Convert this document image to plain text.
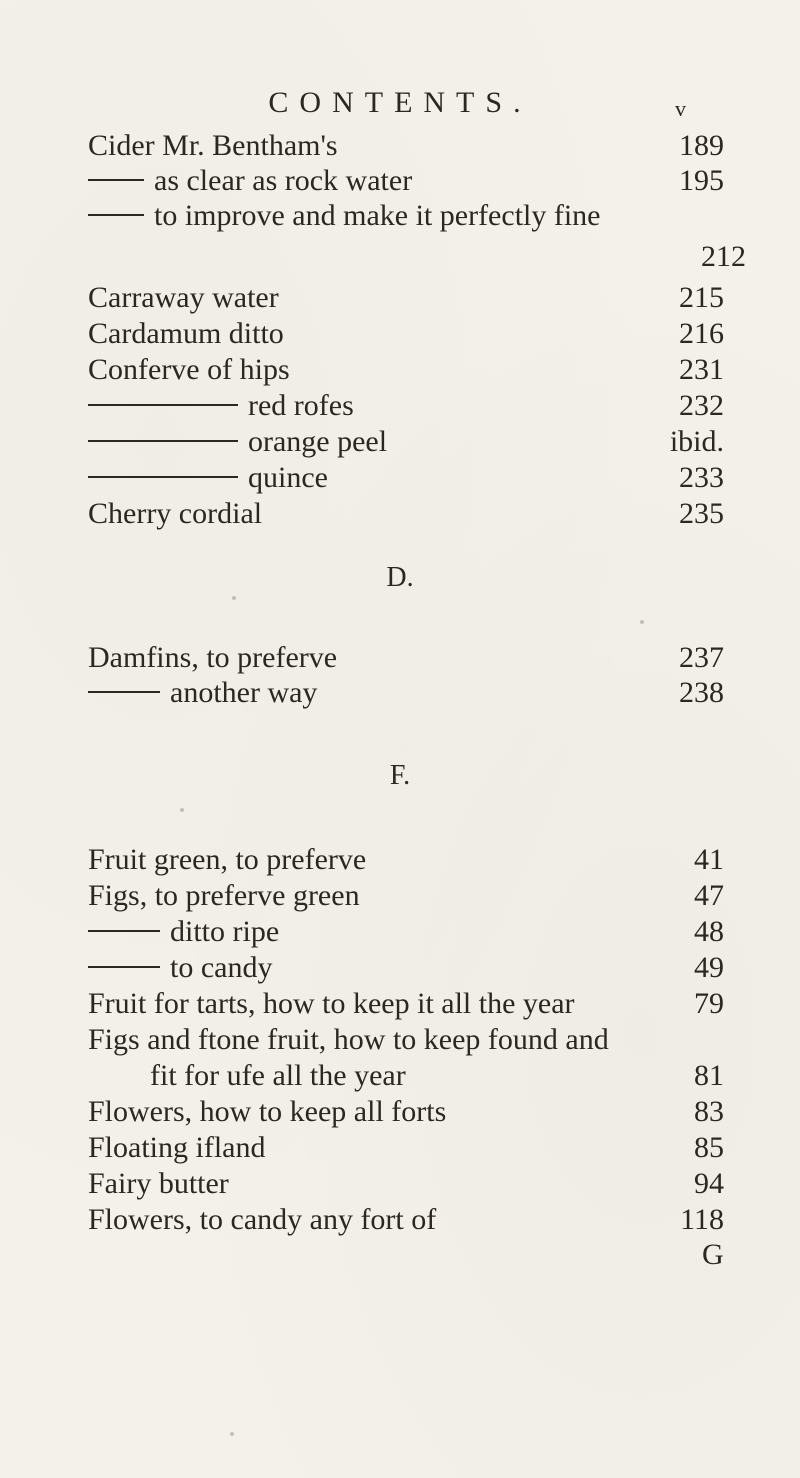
CONTENTS.	v
Cider Mr. Bentham's	189
as clear as rock water	195
to improve and make it perfectly fine
212
Carraway water	215
Cardamum ditto	216
Conferve of hips	231
red rofes	232
orange peel	ibid.
quince	233
Cherry cordial	235
D.
Damfins, to preferve	237
another way	238
F.
Fruit green, to preferve	41
Figs, to preferve green	47
ditto ripe	48
to candy	49
Fruit for tarts, how to keep it all the year	79
Figs and ftone fruit, how to keep found and
fit for ufe all the year	81
Flowers, how to keep all forts	83
Floating ifland	85
Fairy butter	94
Flowers, to candy any fort of	118
G
